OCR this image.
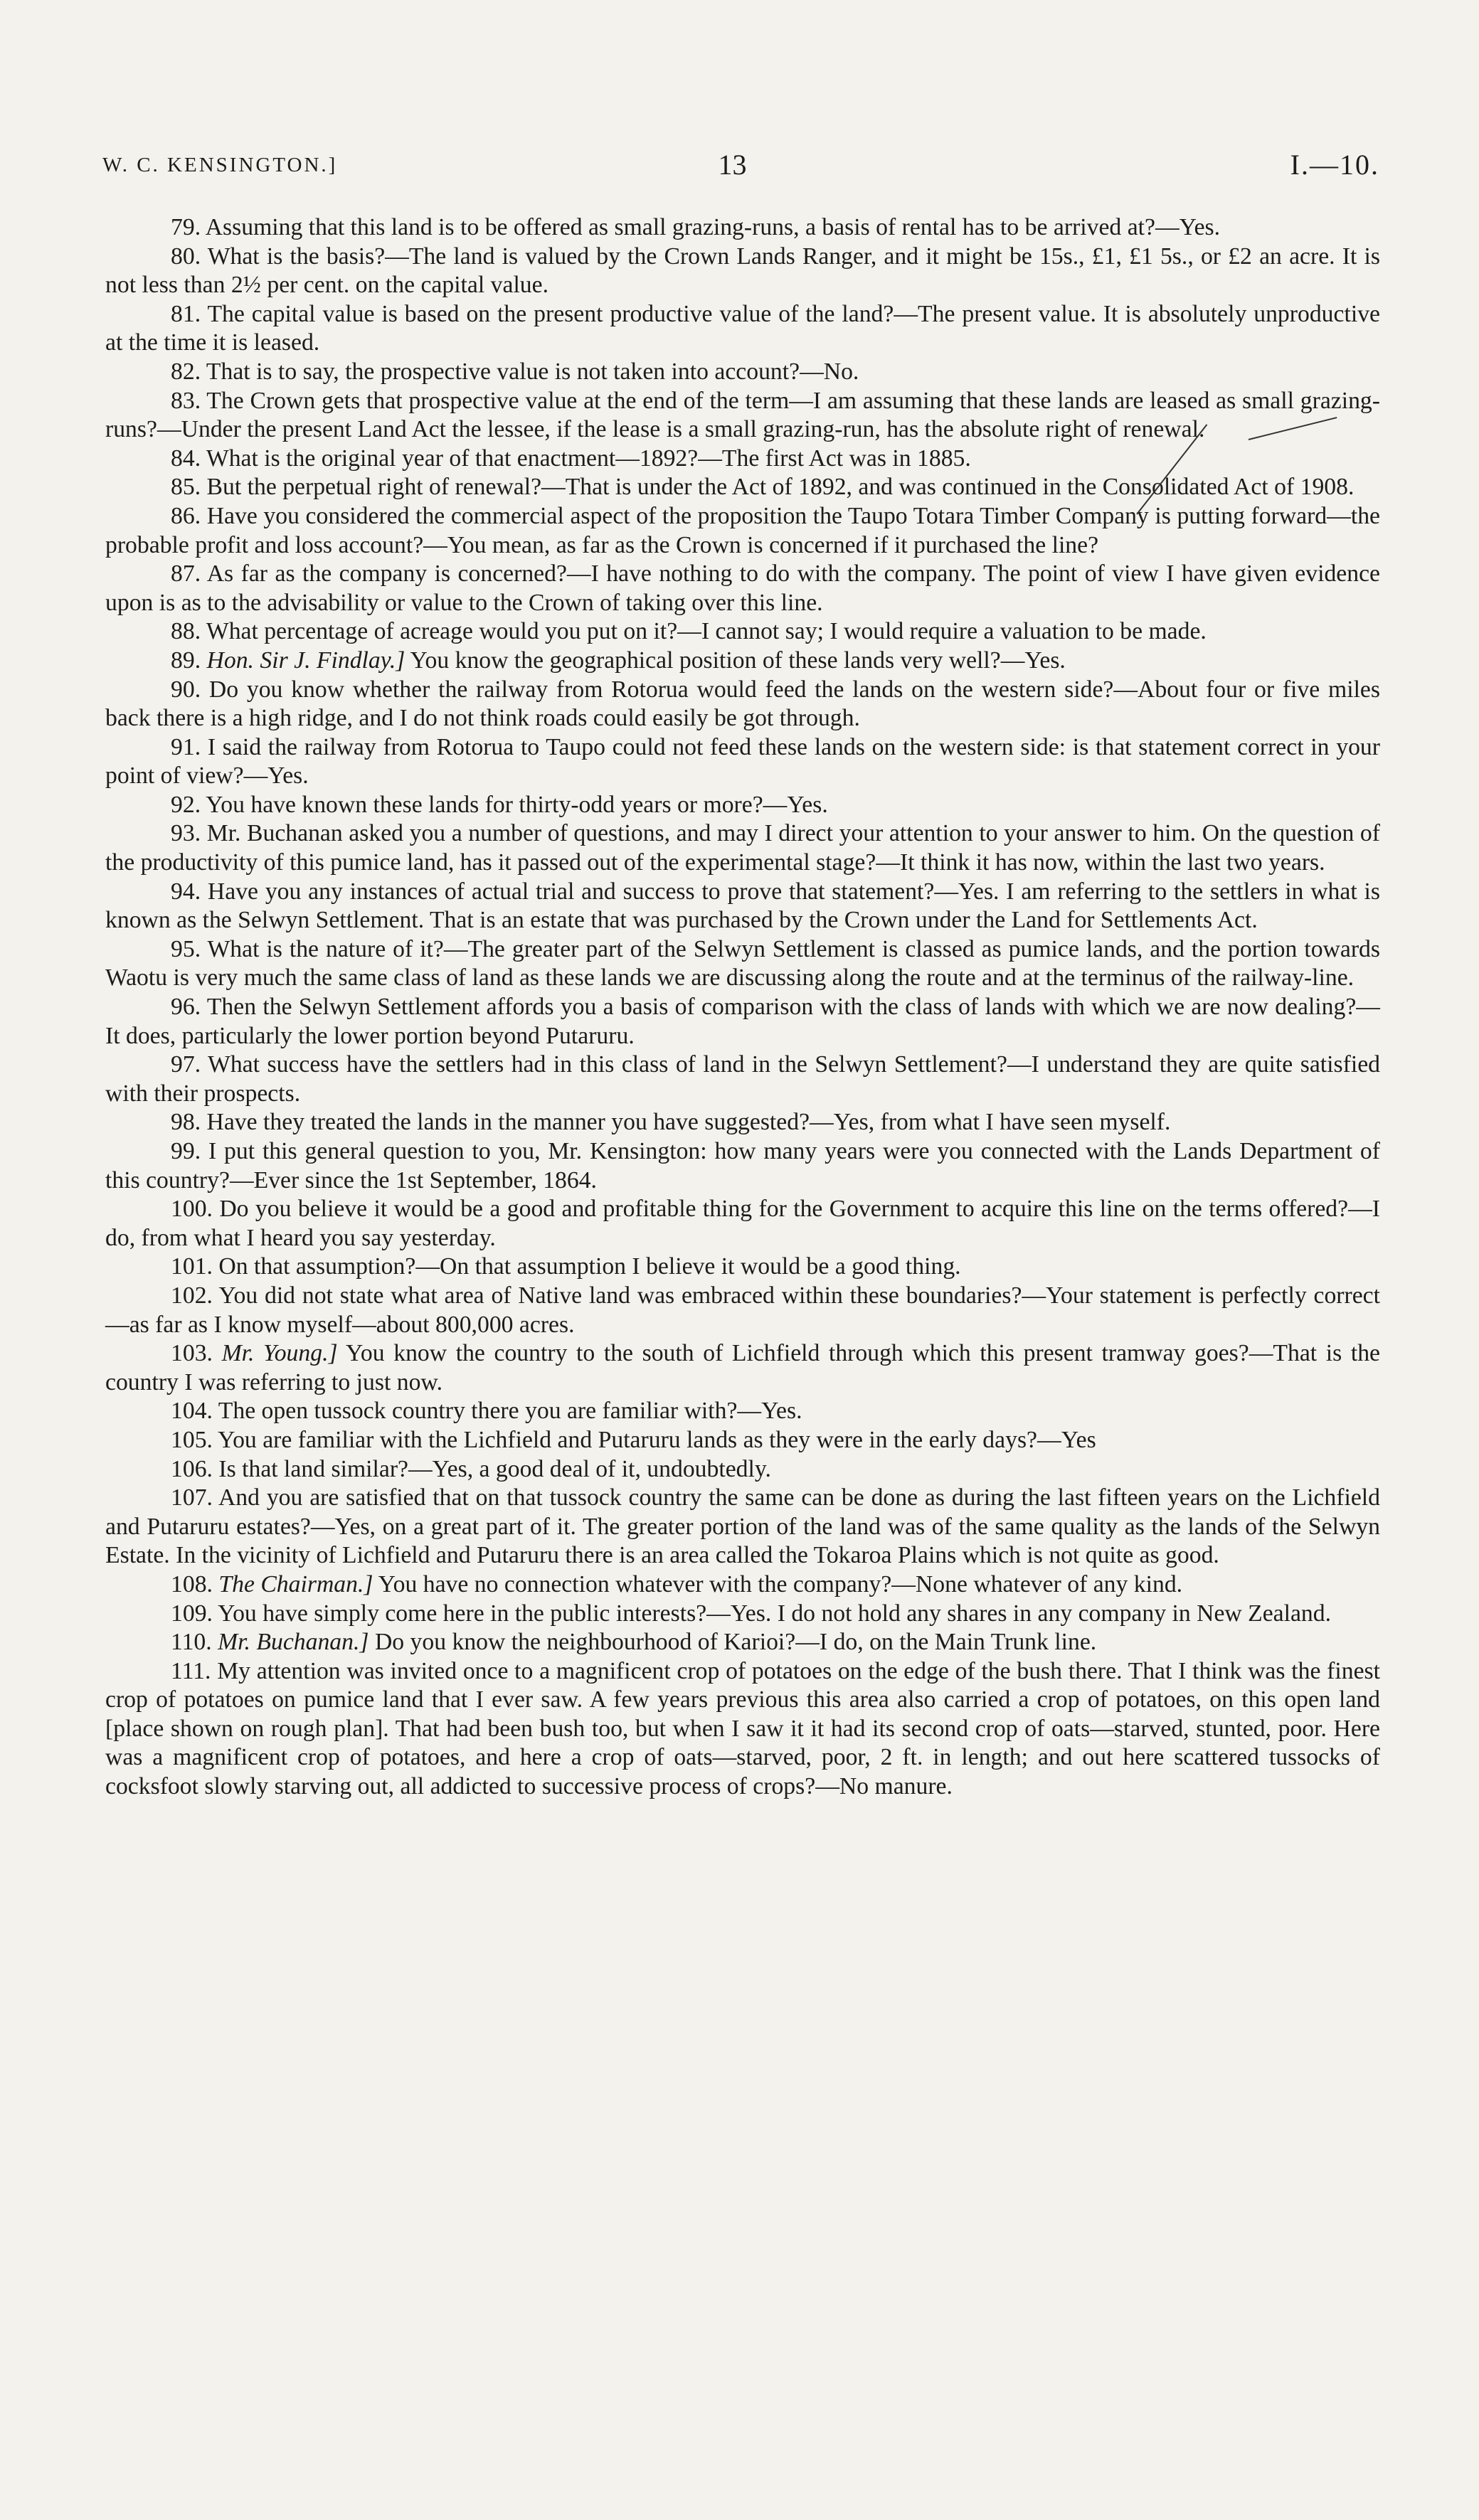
W. C. KENSINGTON.]	13	I.—10.

79. Assuming that this land is to be offered as small grazing-runs, a basis of rental has to be arrived at?—Yes.

80. What is the basis?—The land is valued by the Crown Lands Ranger, and it might be 15s., £1, £1 5s., or £2 an acre. It is not less than 2½ per cent. on the capital value.

81. The capital value is based on the present productive value of the land?—The present value. It is absolutely unproductive at the time it is leased.

82. That is to say, the prospective value is not taken into account?—No.

83. The Crown gets that prospective value at the end of the term—I am assuming that these lands are leased as small grazing-runs?—Under the present Land Act the lessee, if the lease is a small grazing-run, has the absolute right of renewal.

84. What is the original year of that enactment—1892?—The first Act was in 1885.

85. But the perpetual right of renewal?—That is under the Act of 1892, and was continued in the Consolidated Act of 1908.

86. Have you considered the commercial aspect of the proposition the Taupo Totara Timber Company is putting forward—the probable profit and loss account?—You mean, as far as the Crown is concerned if it purchased the line?

87. As far as the company is concerned?—I have nothing to do with the company. The point of view I have given evidence upon is as to the advisability or value to the Crown of taking over this line.

88. What percentage of acreage would you put on it?—I cannot say; I would require a valuation to be made.

89. Hon. Sir J. Findlay.] You know the geographical position of these lands very well?—Yes.

90. Do you know whether the railway from Rotorua would feed the lands on the western side?—About four or five miles back there is a high ridge, and I do not think roads could easily be got through.

91. I said the railway from Rotorua to Taupo could not feed these lands on the western side: is that statement correct in your point of view?—Yes.

92. You have known these lands for thirty-odd years or more?—Yes.

93. Mr. Buchanan asked you a number of questions, and may I direct your attention to your answer to him. On the question of the productivity of this pumice land, has it passed out of the experimental stage?—It think it has now, within the last two years.

94. Have you any instances of actual trial and success to prove that statement?—Yes. I am referring to the settlers in what is known as the Selwyn Settlement. That is an estate that was purchased by the Crown under the Land for Settlements Act.

95. What is the nature of it?—The greater part of the Selwyn Settlement is classed as pumice lands, and the portion towards Waotu is very much the same class of land as these lands we are discussing along the route and at the terminus of the railway-line.

96. Then the Selwyn Settlement affords you a basis of comparison with the class of lands with which we are now dealing?—It does, particularly the lower portion beyond Putaruru.

97. What success have the settlers had in this class of land in the Selwyn Settlement?—I understand they are quite satisfied with their prospects.

98. Have they treated the lands in the manner you have suggested?—Yes, from what I have seen myself.

99. I put this general question to you, Mr. Kensington: how many years were you connected with the Lands Department of this country?—Ever since the 1st September, 1864.

100. Do you believe it would be a good and profitable thing for the Government to acquire this line on the terms offered?—I do, from what I heard you say yesterday.

101. On that assumption?—On that assumption I believe it would be a good thing.

102. You did not state what area of Native land was embraced within these boundaries?—Your statement is perfectly correct—as far as I know myself—about 800,000 acres.

103. Mr. Young.] You know the country to the south of Lichfield through which this present tramway goes?—That is the country I was referring to just now.

104. The open tussock country there you are familiar with?—Yes.

105. You are familiar with the Lichfield and Putaruru lands as they were in the early days?—Yes

106. Is that land similar?—Yes, a good deal of it, undoubtedly.

107. And you are satisfied that on that tussock country the same can be done as during the last fifteen years on the Lichfield and Putaruru estates?—Yes, on a great part of it. The greater portion of the land was of the same quality as the lands of the Selwyn Estate. In the vicinity of Lichfield and Putaruru there is an area called the Tokaroa Plains which is not quite as good.

108. The Chairman.] You have no connection whatever with the company?—None whatever of any kind.

109. You have simply come here in the public interests?—Yes. I do not hold any shares in any company in New Zealand.

110. Mr. Buchanan.] Do you know the neighbourhood of Karioi?—I do, on the Main Trunk line.

111. My attention was invited once to a magnificent crop of potatoes on the edge of the bush there. That I think was the finest crop of potatoes on pumice land that I ever saw. A few years previous this area also carried a crop of potatoes, on this open land [place shown on rough plan]. That had been bush too, but when I saw it it had its second crop of oats—starved, stunted, poor. Here was a magnificent crop of potatoes, and here a crop of oats—starved, poor, 2 ft. in length; and out here scattered tussocks of cocksfoot slowly starving out, all addicted to successive process of crops?—No manure.
